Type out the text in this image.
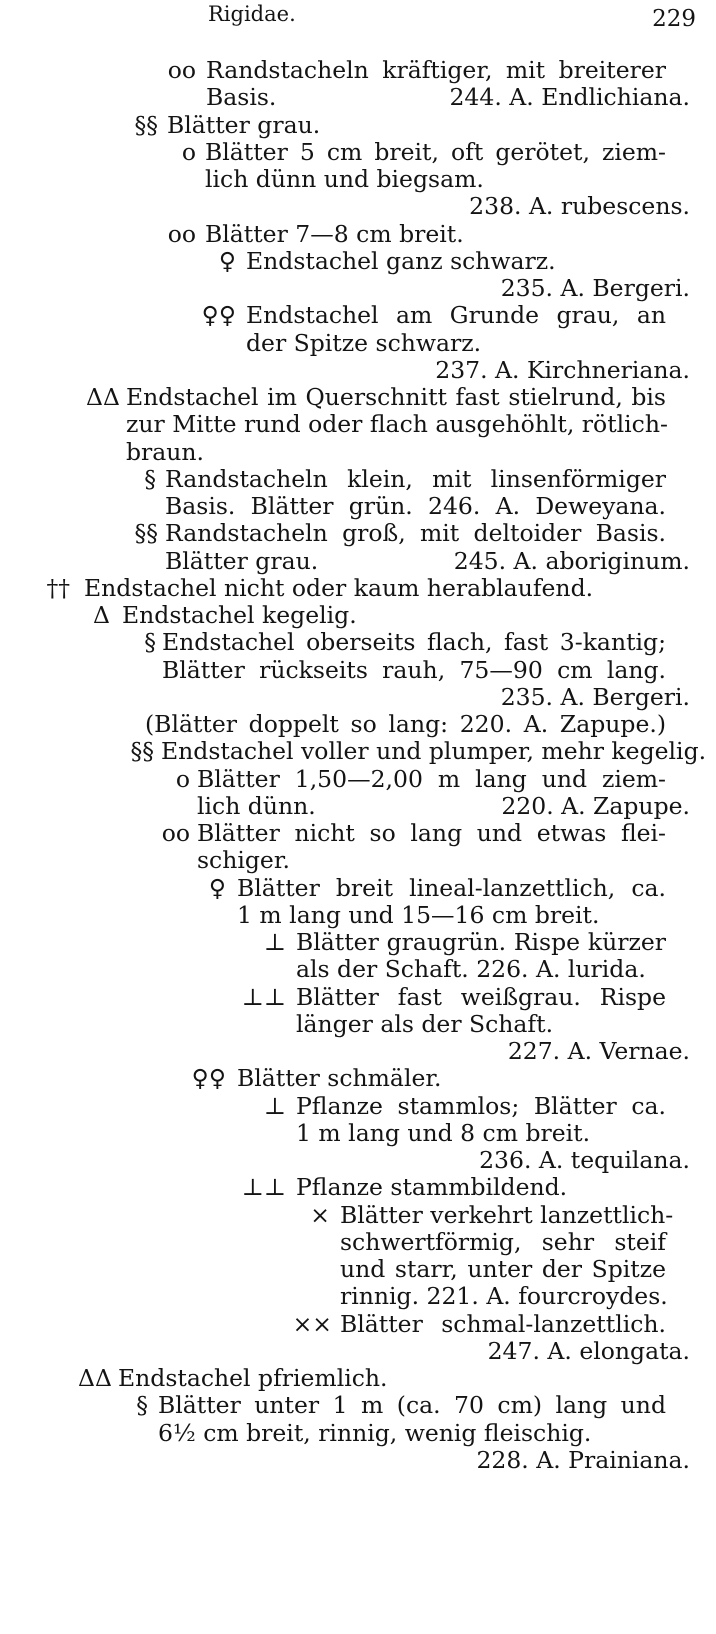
Rigidae.	229
oo Randstacheln kräftiger, mit breiterer
Basis.	244. A. Endlichiana.
§§ Blätter grau.
o Blätter 5 cm breit, oft gerötet, ziem-
lich dünn und biegsam.
238. A. rubescens.
oo Blätter 7—8 cm breit.
♀ Endstachel ganz schwarz.
235. A. Bergeri.
♀♀ Endstachel am Grunde grau, an
der Spitze schwarz.
237. A. Kirchneriana.
ΔΔ Endstachel im Querschnitt fast stielrund, bis
zur Mitte rund oder flach ausgehöhlt, rötlich-
braun.
§ Randstacheln klein, mit linsenförmiger
Basis. Blätter grün. 246. A. Deweyana.
§§ Randstacheln groß, mit deltoider Basis.
Blätter grau.	245. A. aboriginum.
†† Endstachel nicht oder kaum herablaufend.
Δ Endstachel kegelig.
§ Endstachel oberseits flach, fast 3-kantig;
Blätter rückseits rauh, 75—90 cm lang.
235. A. Bergeri.
(Blätter doppelt so lang: 220. A. Zapupe.)
§§ Endstachel voller und plumper, mehr kegelig.
o Blätter 1,50—2,00 m lang und ziem-
lich dünn.	220. A. Zapupe.
oo Blätter nicht so lang und etwas flei-
schiger.
♀ Blätter breit lineal-lanzettlich, ca.
1 m lang und 15—16 cm breit.
⊥ Blätter graugrün. Rispe kürzer
als der Schaft. 226. A. lurida.
⊥⊥ Blätter fast weißgrau. Rispe
länger als der Schaft.
227. A. Vernae.
♀♀ Blätter schmäler.
⊥ Pflanze stammlos; Blätter ca.
1 m lang und 8 cm breit.
236. A. tequilana.
⊥⊥ Pflanze stammbildend.
× Blätter verkehrt lanzettlich-
schwertförmig, sehr steif
und starr, unter der Spitze
rinnig. 221. A. fourcroydes.
×× Blätter schmal-lanzettlich.
247. A. elongata.
ΔΔ Endstachel pfriemlich.
§ Blätter unter 1 m (ca. 70 cm) lang und
6½ cm breit, rinnig, wenig fleischig.
228. A. Prainiana.
